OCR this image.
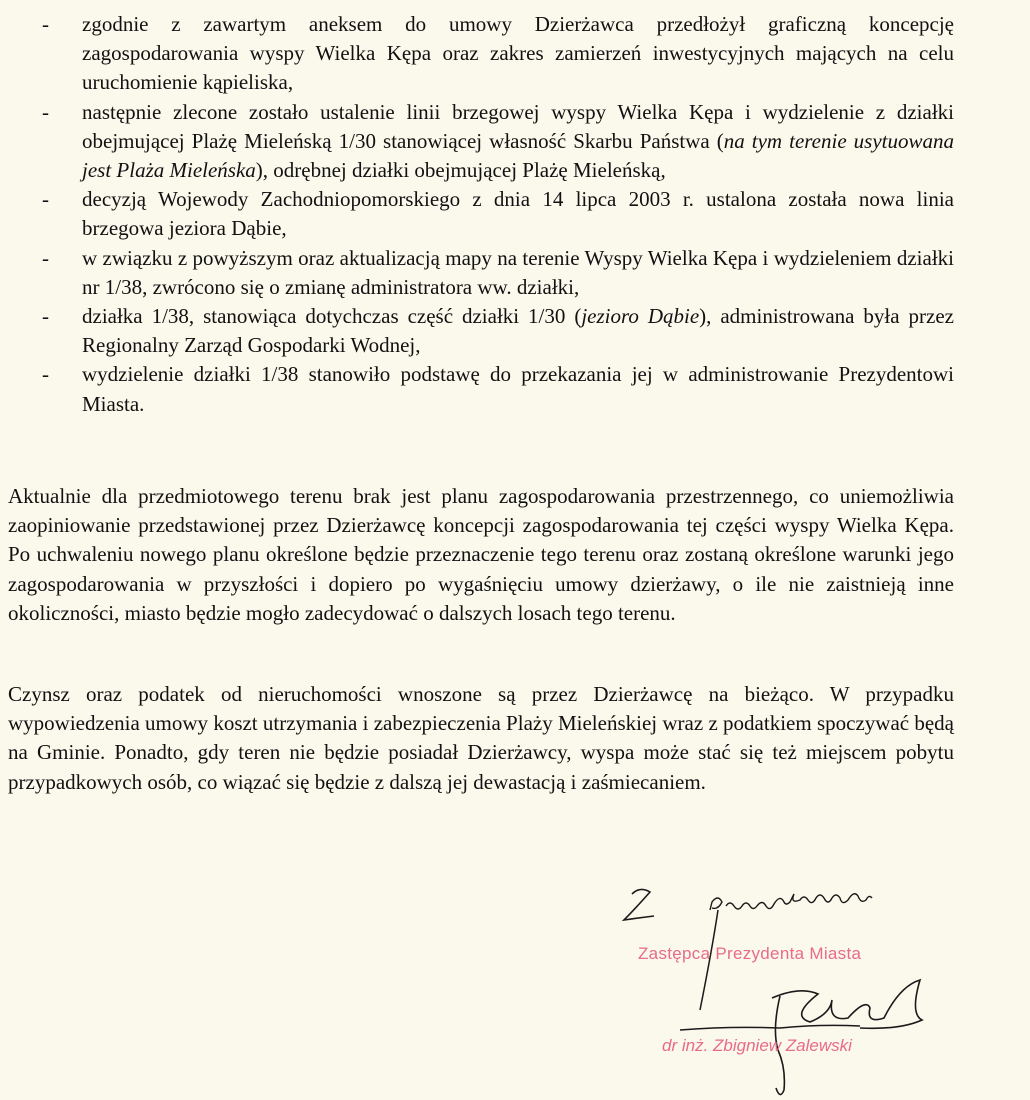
- zgodnie z zawartym aneksem do umowy Dzierżawca przedłożył graficzną koncepcję zagospodarowania wyspy Wielka Kępa oraz zakres zamierzeń inwestycyjnych mających na celu uruchomienie kąpieliska,
- następnie zlecone zostało ustalenie linii brzegowej wyspy Wielka Kępa i wydzielenie z działki obejmującej Plażę Mieleńską 1/30 stanowiącej własność Skarbu Państwa (na tym terenie usytuowana jest Plaża Mieleńska), odrębnej działki obejmującej Plażę Mieleńską,
- decyzją Wojewody Zachodniopomorskiego z dnia 14 lipca 2003 r. ustalona została nowa linia brzegowa jeziora Dąbie,
- w związku z powyższym oraz aktualizacją mapy na terenie Wyspy Wielka Kępa i wydzieleniem działki nr 1/38, zwrócono się o zmianę administratora ww. działki,
- działka 1/38, stanowiąca dotychczas część działki 1/30 (jezioro Dąbie), administrowana była przez Regionalny Zarząd Gospodarki Wodnej,
- wydzielenie działki 1/38 stanowiło podstawę do przekazania jej w administrowanie Prezydentowi Miasta.

Aktualnie dla przedmiotowego terenu brak jest planu zagospodarowania przestrzennego, co uniemożliwia zaopiniowanie przedstawionej przez Dzierżawcę koncepcji zagospodarowania tej części wyspy Wielka Kępa. Po uchwaleniu nowego planu określone będzie przeznaczenie tego terenu oraz zostaną określone warunki jego zagospodarowania w przyszłości i dopiero po wygaśnięciu umowy dzierżawy, o ile nie zaistnieją inne okoliczności, miasto będzie mogło zadecydować o dalszych losach tego terenu.

Czynsz oraz podatek od nieruchomości wnoszone są przez Dzierżawcę na bieżąco. W przypadku wypowiedzenia umowy koszt utrzymania i zabezpieczenia Plaży Mieleńskiej wraz z podatkiem spoczywać będą na Gminie. Ponadto, gdy teren nie będzie posiadał Dzierżawcy, wyspa może stać się też miejscem pobytu przypadkowych osób, co wiązać się będzie z dalszą jej dewastacją i zaśmiecaniem.

Zastępca Prezydenta Miasta
dr inż. Zbigniew Zalewski
